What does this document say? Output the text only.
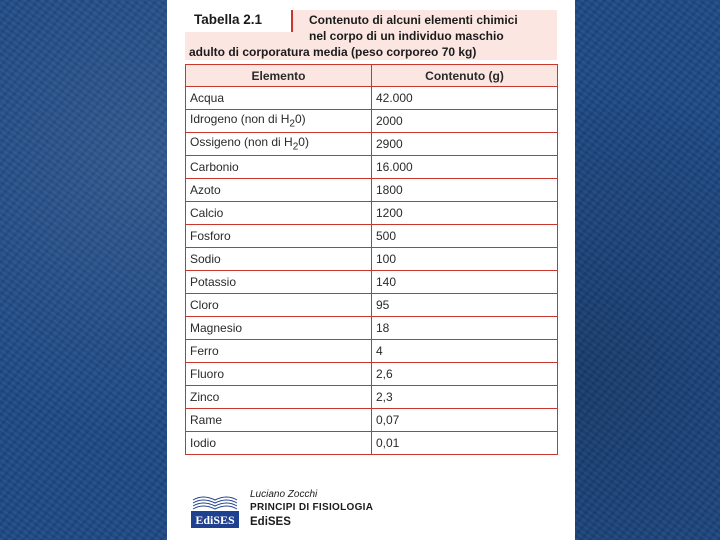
Tabella 2.1	Contenuto di alcuni elementi chimici
nel corpo di un individuo maschio
adulto di corporatura media (peso corporeo 70 kg)
Elemento	Contenuto (g)
Acqua	42.000
Idrogeno (non di $H_20$)	2000
Ossigeno (non di $H_20$)	2900
Carbonio	16.000
Azoto	1800
Calcio	1200
Fosforo	500
Sodio	100
Potassio	140
Cloro	95
Magnesio	18
Ferro	4
Fluoro	2,6
Zinco	2,3
Rame	0,07
Iodio	0,01
EdiSES
Luciano Zocchi
PRINCIPI DI FISIOLOGIA
EdiSES
